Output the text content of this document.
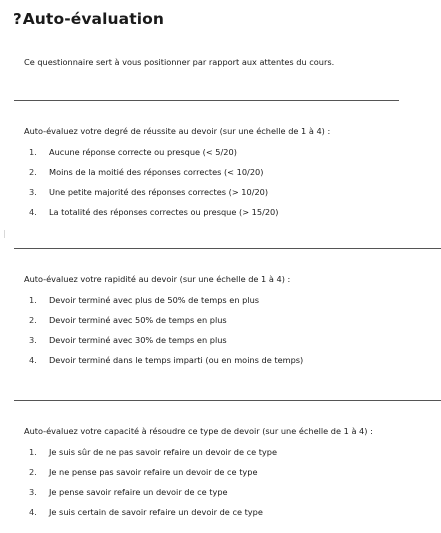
? Auto-évaluation
Ce questionnaire sert à vous positionner par rapport aux attentes du cours.
Auto-évaluez votre degré de réussite au devoir (sur une échelle de 1 à 4) :
1. Aucune réponse correcte ou presque (< 5/20)
2. Moins de la moitié des réponses correctes (< 10/20)
3. Une petite majorité des réponses correctes (> 10/20)
4. La totalité des réponses correctes ou presque (> 15/20)
Auto-évaluez votre rapidité au devoir (sur une échelle de 1 à 4) :
1. Devoir terminé avec plus de 50% de temps en plus
2. Devoir terminé avec 50% de temps en plus
3. Devoir terminé avec 30% de temps en plus
4. Devoir terminé dans le temps imparti (ou en moins de temps)
Auto-évaluez votre capacité à résoudre ce type de devoir (sur une échelle de 1 à 4) :
1. Je suis sûr de ne pas savoir refaire un devoir de ce type
2. Je ne pense pas savoir refaire un devoir de ce type
3. Je pense savoir refaire un devoir de ce type
4. Je suis certain de savoir refaire un devoir de ce type
